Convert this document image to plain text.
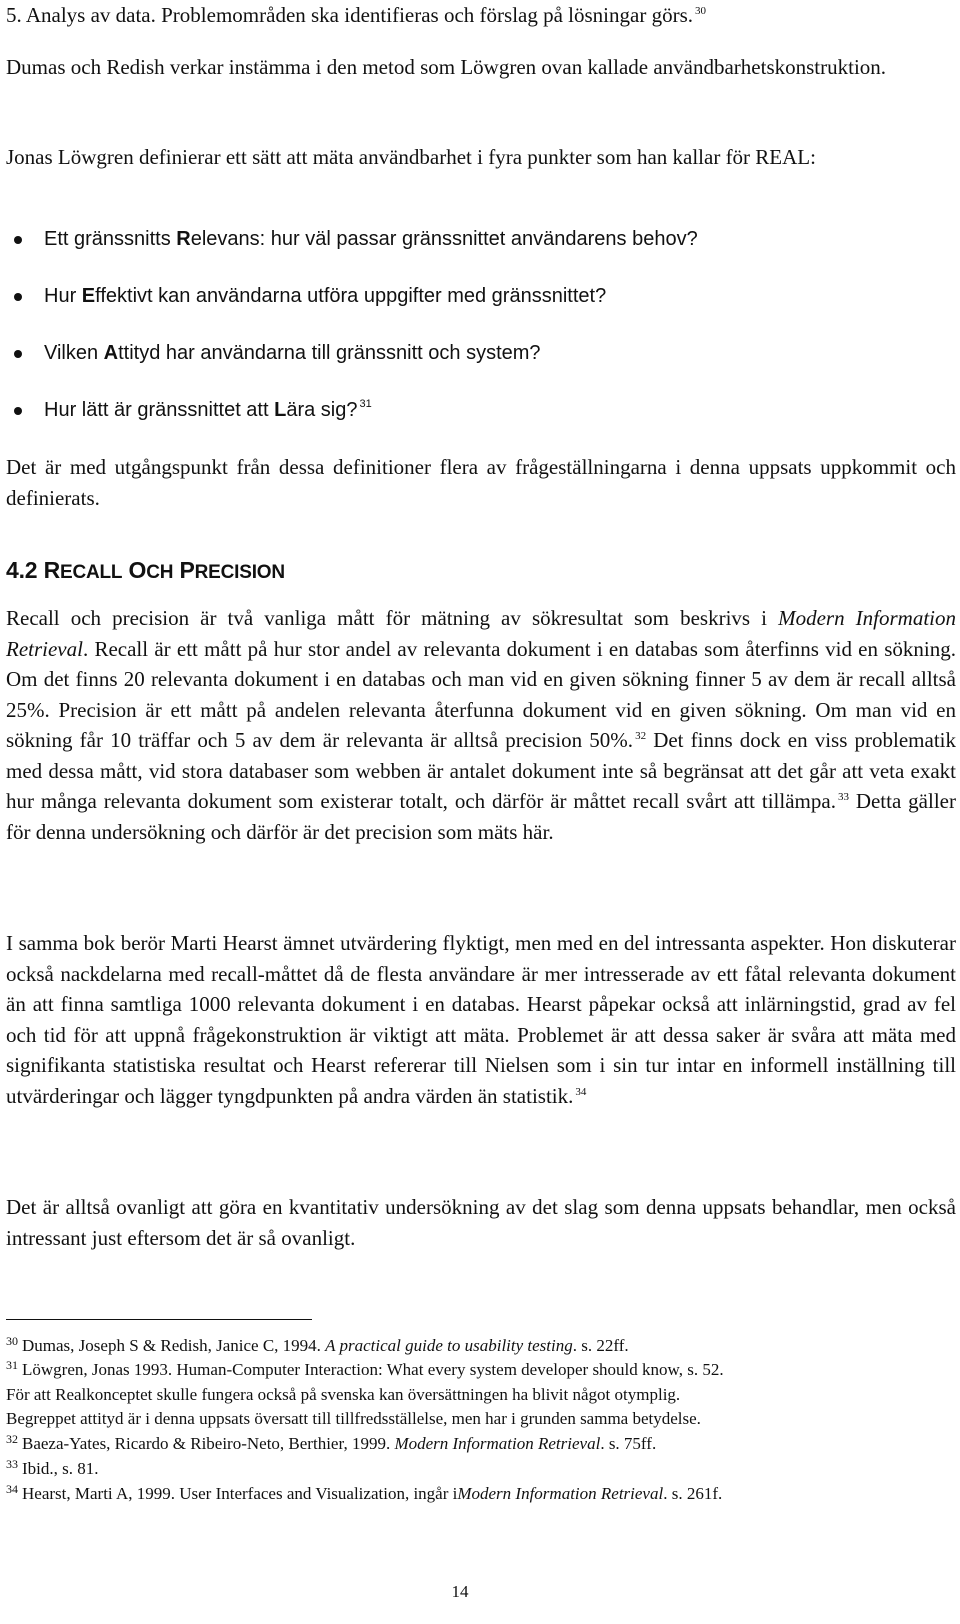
5. Analys av data. Problemområden ska identifieras och förslag på lösningar görs. $^{30}$

Dumas och Redish verkar instämma i den metod som Löwgren ovan kallade användbarhetskonstruktion.

Jonas Löwgren definierar ett sätt att mäta användbarhet i fyra punkter som han kallar för REAL:

Ett gränssnitts Relevans: hur väl passar gränssnittet användarens behov?
Hur Effektivt kan användarna utföra uppgifter med gränssnittet?
Vilken Attityd har användarna till gränssnitt och system?
Hur lätt är gränssnittet att Lära sig? $^{31}$

Det är med utgångspunkt från dessa definitioner flera av frågeställningarna i denna uppsats uppkommit och definierats.

4.2 RECALL OCH PRECISION

Recall och precision är två vanliga mått för mätning av sökresultat som beskrivs i Modern Information Retrieval. Recall är ett mått på hur stor andel av relevanta dokument i en databas som återfinns vid en sökning. Om det finns 20 relevanta dokument i en databas och man vid en given sökning finner 5 av dem är recall alltså 25%. Precision är ett mått på andelen relevanta återfunna dokument vid en given sökning. Om man vid en sökning får 10 träffar och 5 av dem är relevanta är alltså precision 50%. $^{32}$ Det finns dock en viss problematik med dessa mått, vid stora databaser som webben är antalet dokument inte så begränsat att det går att veta exakt hur många relevanta dokument som existerar totalt, och därför är måttet recall svårt att tillämpa. $^{33}$ Detta gäller för denna undersökning och därför är det precision som mäts här.

I samma bok berör Marti Hearst ämnet utvärdering flyktigt, men med en del intressanta aspekter. Hon diskuterar också nackdelarna med recall-måttet då de flesta användare är mer intresserade av ett fåtal relevanta dokument än att finna samtliga 1000 relevanta dokument i en databas. Hearst påpekar också att inlärningstid, grad av fel och tid för att uppnå frågekonstruktion är viktigt att mäta. Problemet är att dessa saker är svåra att mäta med signifikanta statistiska resultat och Hearst refererar till Nielsen som i sin tur intar en informell inställning till utvärderingar och lägger tyngdpunkten på andra värden än statistik. $^{34}$

Det är alltså ovanligt att göra en kvantitativ undersökning av det slag som denna uppsats behandlar, men också intressant just eftersom det är så ovanligt.

$^{30}$ Dumas, Joseph S & Redish, Janice C, 1994. A practical guide to usability testing. s. 22ff.
$^{31}$ Löwgren, Jonas 1993. Human-Computer Interaction: What every system developer should know, s. 52.
För att Realkonceptet skulle fungera också på svenska kan översättningen ha blivit något otymplig.
Begreppet attityd är i denna uppsats översatt till tillfredsställelse, men har i grunden samma betydelse.
$^{32}$ Baeza-Yates, Ricardo & Ribeiro-Neto, Berthier, 1999. Modern Information Retrieval. s. 75ff.
$^{33}$ Ibid., s. 81.
$^{34}$ Hearst, Marti A, 1999. User Interfaces and Visualization, ingår iModern Information Retrieval. s. 261f.
14
